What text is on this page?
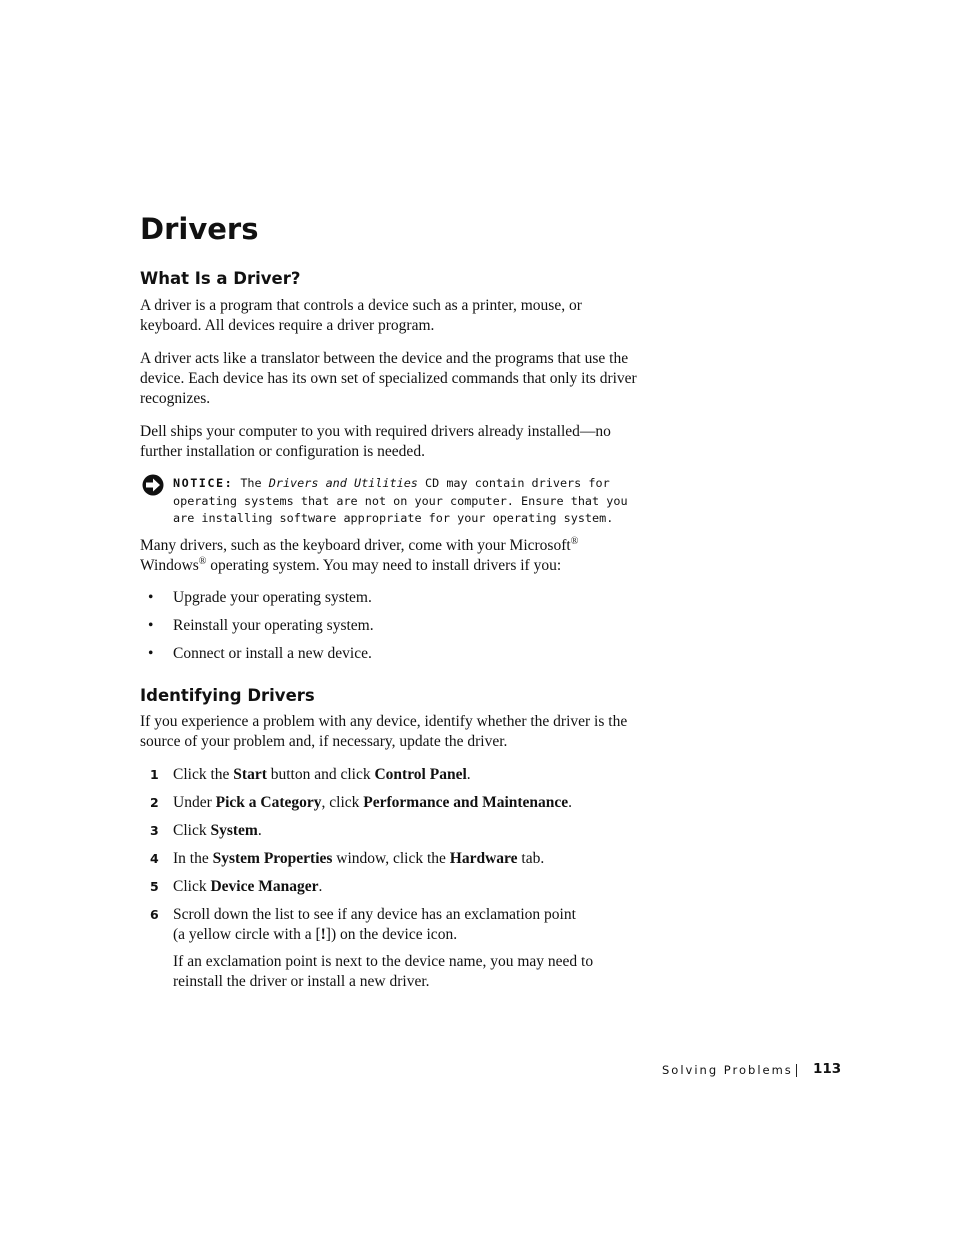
Drivers
What Is a Driver?

A driver is a program that controls a device such as a printer, mouse, or keyboard. All devices require a driver program.

A driver acts like a translator between the device and the programs that use the device. Each device has its own set of specialized commands that only its driver recognizes.

Dell ships your computer to you with required drivers already installed—no further installation or configuration is needed.

NOTICE: The Drivers and Utilities CD may contain drivers for operating systems that are not on your computer. Ensure that you are installing software appropriate for your operating system.

Many drivers, such as the keyboard driver, come with your Microsoft® Windows® operating system. You may need to install drivers if you:

• Upgrade your operating system.

• Reinstall your operating system.

• Connect or install a new device.

Identifying Drivers

If you experience a problem with any device, identify whether the driver is the source of your problem and, if necessary, update the driver.

1 Click the Start button and click Control Panel.

2 Under Pick a Category, click Performance and Maintenance.

3 Click System.

4 In the System Properties window, click the Hardware tab.

5 Click Device Manager.

6 Scroll down the list to see if any device has an exclamation point
(a yellow circle with a [!]) on the device icon.

If an exclamation point is next to the device name, you may need to reinstall the driver or install a new driver.

Solving Problems 113
